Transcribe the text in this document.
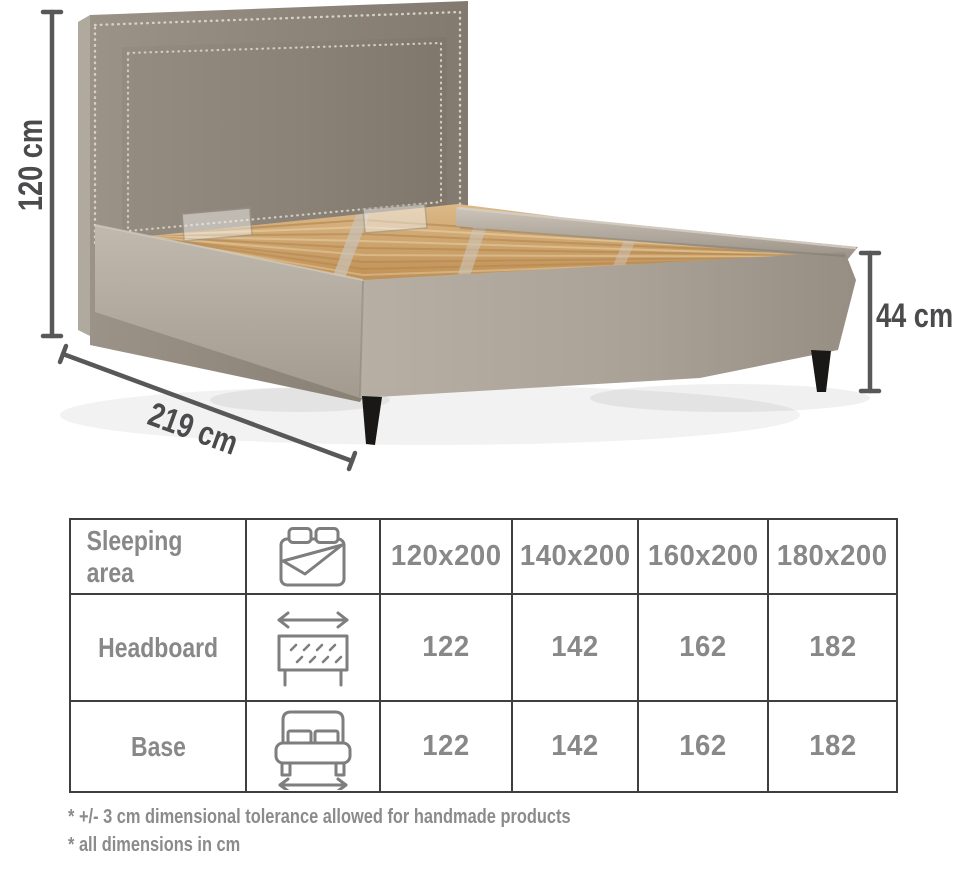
120 cm
219 cm
44 cm
Sleeping area	120x200 140x200 160x200 180x200
Headboard	122	142	162	182
Base	122	142	162	182
* +/- 3 cm dimensional tolerance allowed for handmade products
* all dimensions in cm
